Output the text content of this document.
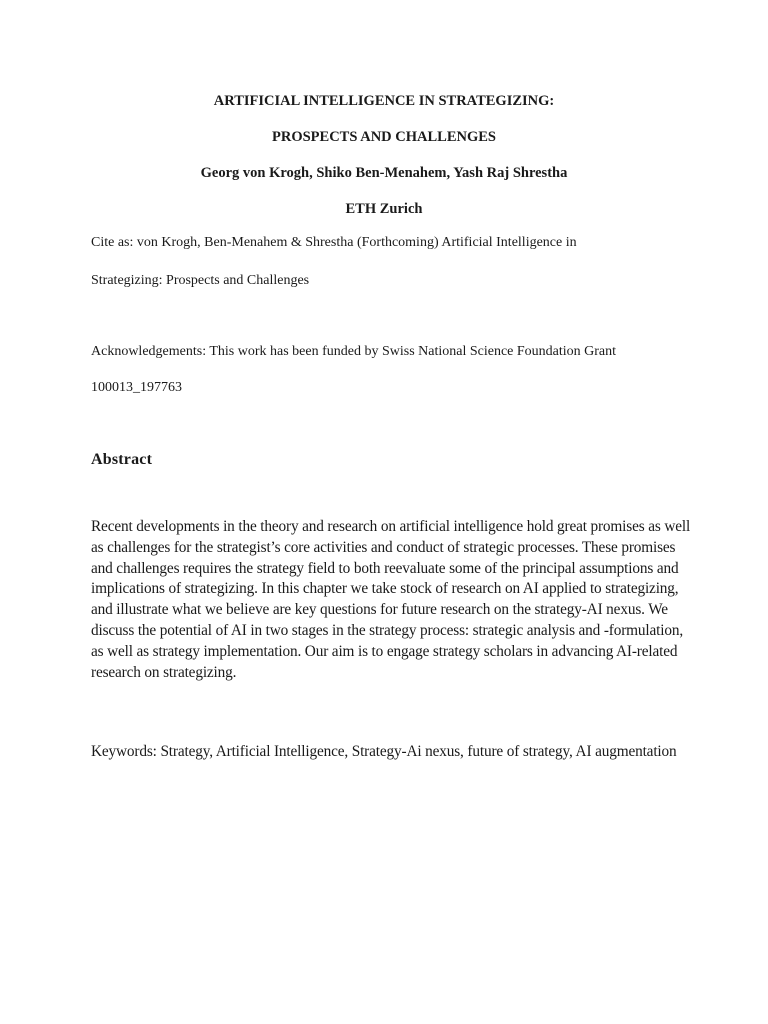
ARTIFICIAL INTELLIGENCE IN STRATEGIZING:
PROSPECTS AND CHALLENGES

Georg von Krogh, Shiko Ben-Menahem, Yash Raj Shrestha

ETH Zurich

Cite as: von Krogh, Ben-Menahem & Shrestha (Forthcoming) Artificial Intelligence in

Strategizing: Prospects and Challenges

Acknowledgements: This work has been funded by Swiss National Science Foundation Grant

100013_197763

Abstract

Recent developments in the theory and research on artificial intelligence hold great promises as well as challenges for the strategist’s core activities and conduct of strategic processes. These promises and challenges requires the strategy field to both reevaluate some of the principal assumptions and implications of strategizing. In this chapter we take stock of research on AI applied to strategizing, and illustrate what we believe are key questions for future research on the strategy-AI nexus. We discuss the potential of AI in two stages in the strategy process: strategic analysis and -formulation, as well as strategy implementation. Our aim is to engage strategy scholars in advancing AI-related research on strategizing.

Keywords: Strategy, Artificial Intelligence, Strategy-Ai nexus, future of strategy, AI augmentation
